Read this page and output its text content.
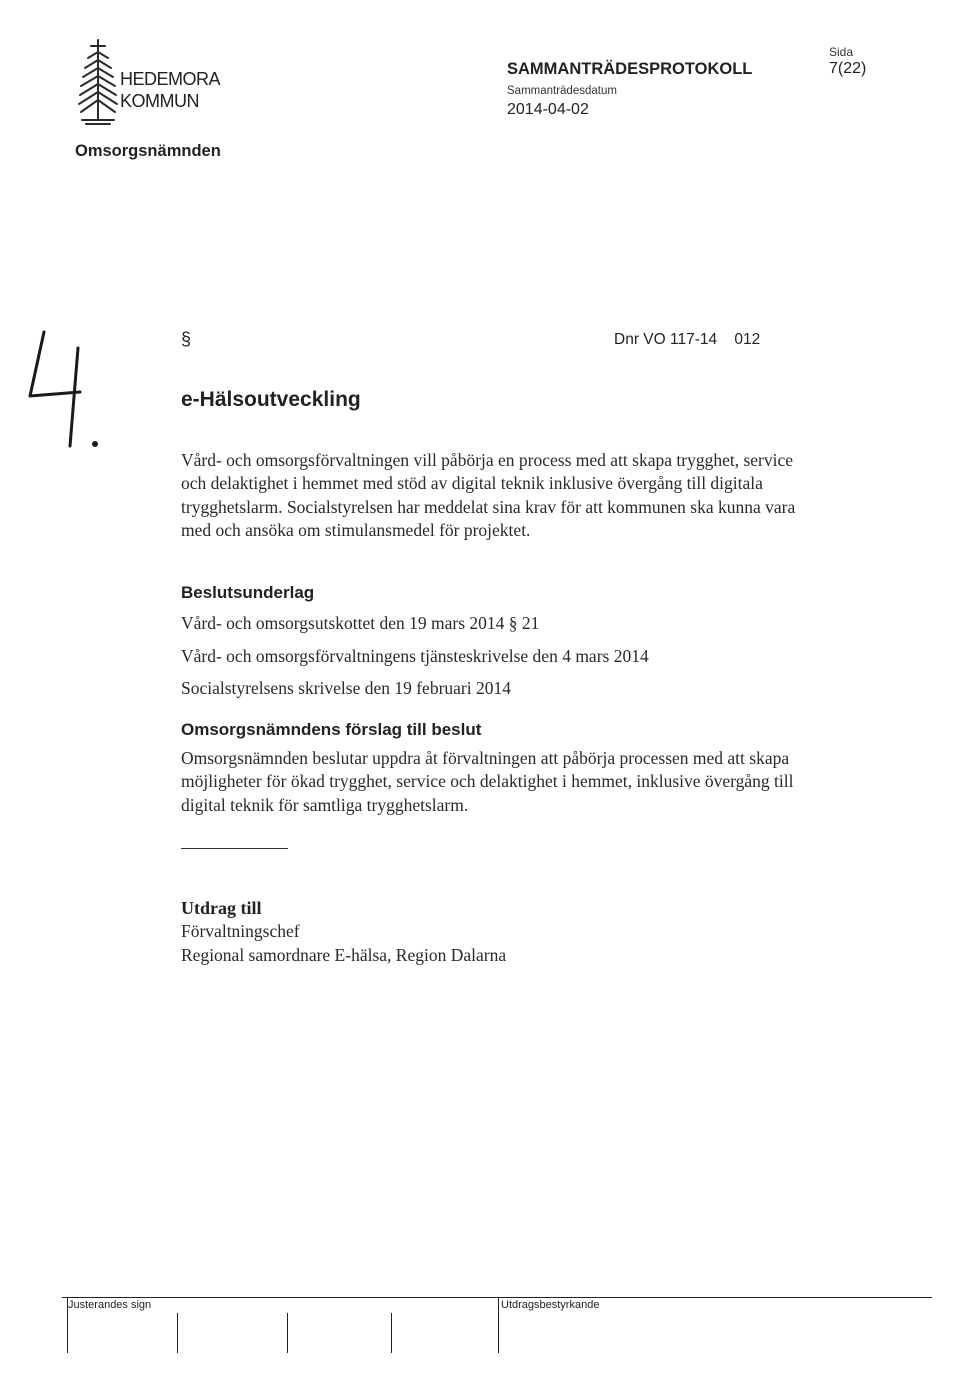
HEDEMORA
KOMMUN
SAMMANTRÄDESPROTOKOLL
Sammanträdesdatum
2014-04-02
Sida
7(22)
Omsorgsnämnden
§	Dnr VO 117-14    012
e-Hälsoutveckling
Vård- och omsorgsförvaltningen vill påbörja en process med att skapa trygghet, service och delaktighet i hemmet med stöd av digital teknik inklusive övergång till digitala trygghetslarm. Socialstyrelsen har meddelat sina krav för att kommunen ska kunna vara med och ansöka om stimulansmedel för projektet.
Beslutsunderlag
Vård- och omsorgsutskottet den 19 mars 2014 § 21
Vård- och omsorgsförvaltningens tjänsteskrivelse den 4 mars 2014
Socialstyrelsens skrivelse den 19 februari 2014
Omsorgsnämndens förslag till beslut
Omsorgsnämnden beslutar uppdra åt förvaltningen att påbörja processen med att skapa möjligheter för ökad trygghet, service och delaktighet i hemmet, inklusive övergång till digital teknik för samtliga trygghetslarm.
Utdrag till
Förvaltningschef
Regional samordnare E-hälsa, Region Dalarna
Justerandes sign	Utdragsbestyrkande
